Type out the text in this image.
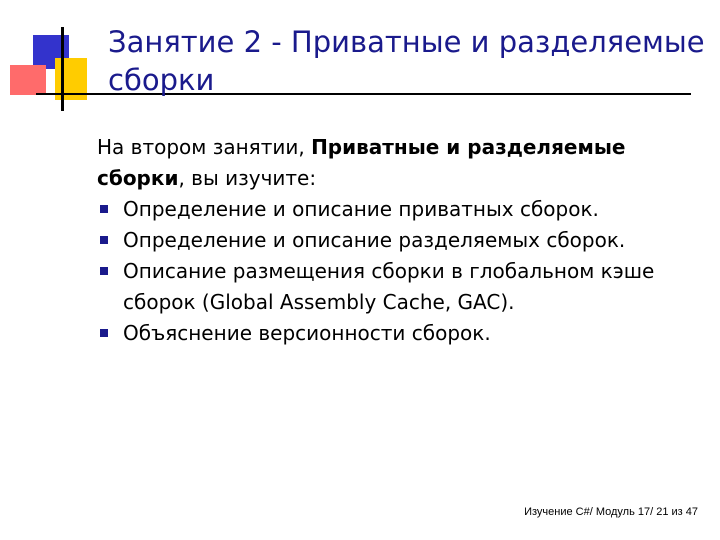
Занятие 2 - Приватные и разделяемые сборки

На втором занятии, Приватные и разделяемые сборки, вы изучите:

Определение и описание приватных сборок.
Определение и описание разделяемых сборок.
Описание размещения сборки в глобальном кэше сборок (Global Assembly Cache, GAC).
Объяснение версионности сборок.
Изучение C#/ Модуль 17/ 21 из 47
